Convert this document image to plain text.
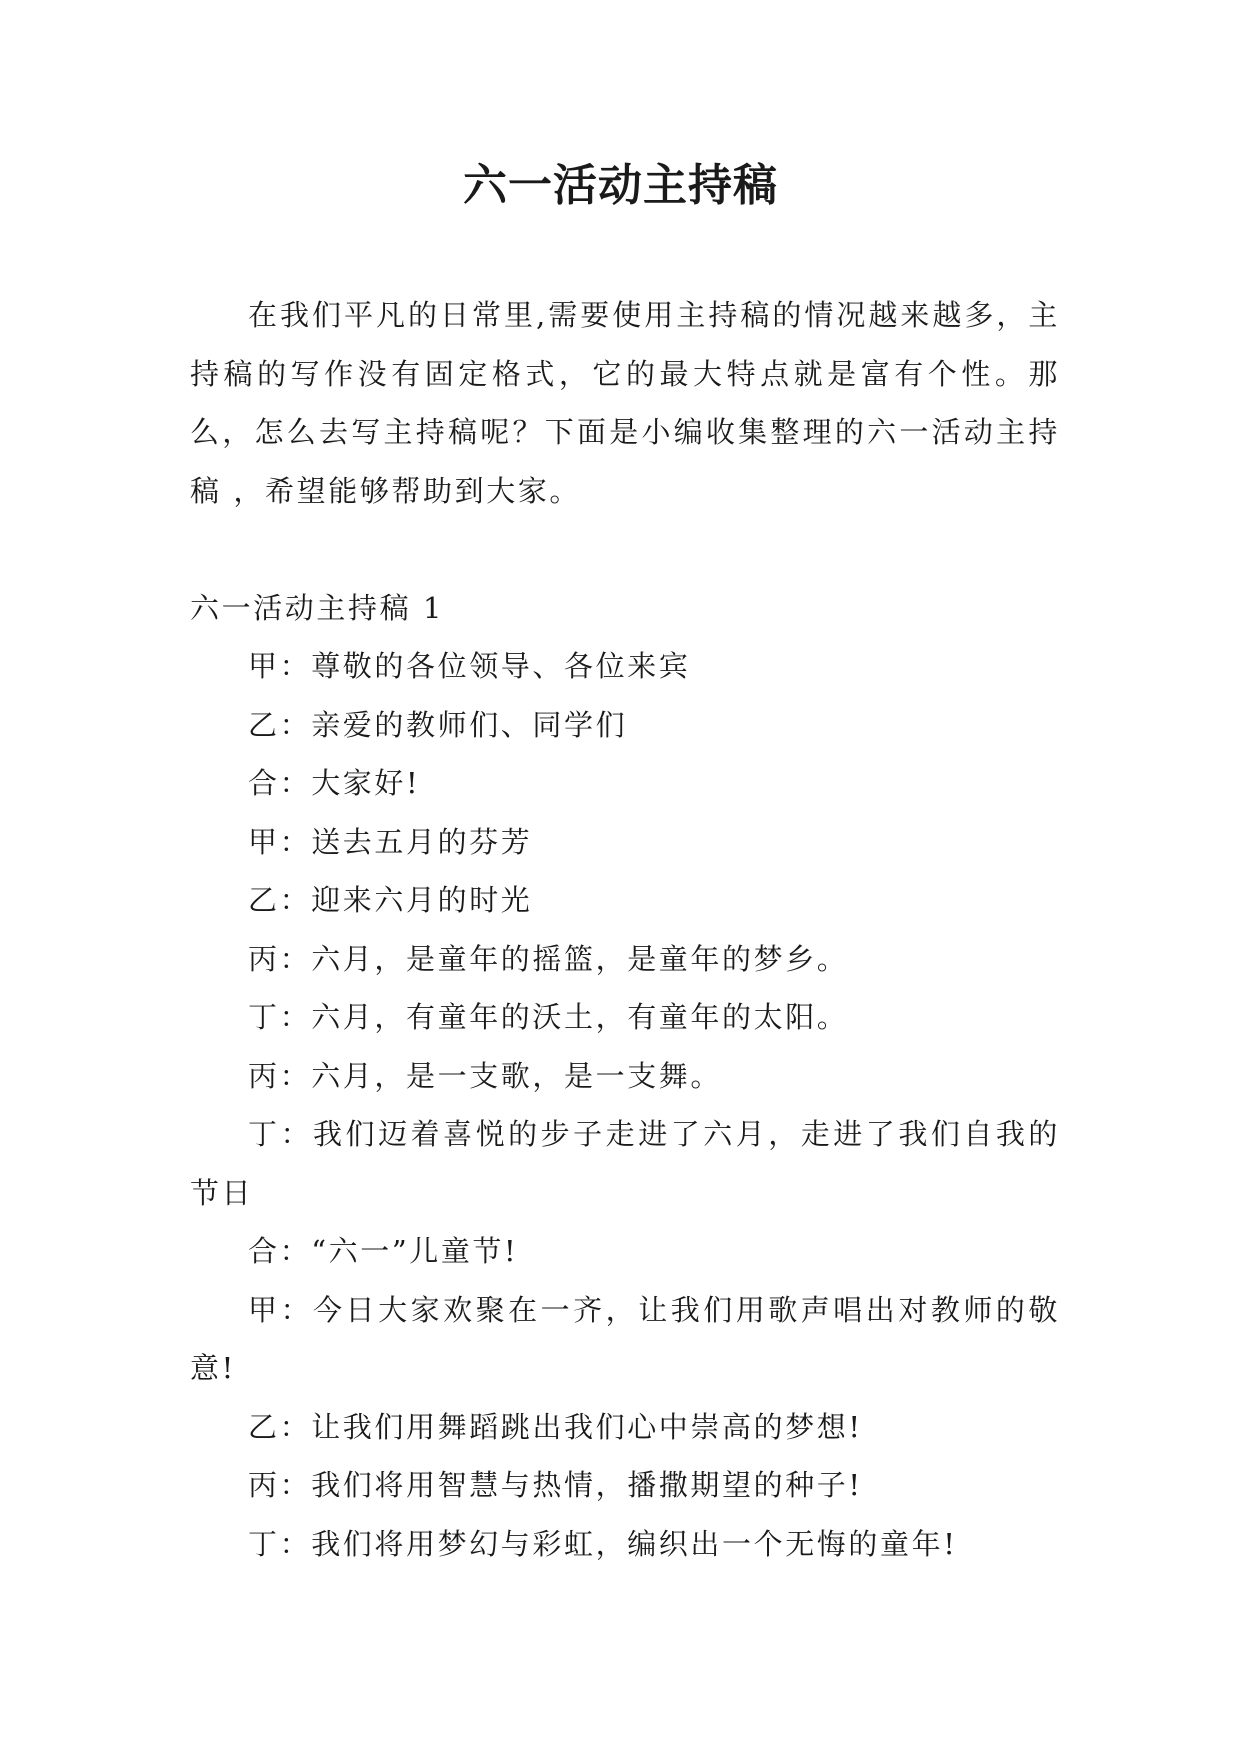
六一活动主持稿

在我们平凡的日常里,需要使用主持稿的情况越来越多，主持稿的写作没有固定格式，它的最大特点就是富有个性。那么，怎么去写主持稿呢？下面是小编收集整理的六一活动主持稿 ，希望能够帮助到大家。

六一活动主持稿 1

甲：尊敬的各位领导、各位来宾

乙：亲爱的教师们、同学们

合：大家好!

甲：送去五月的芬芳

乙：迎来六月的时光

丙：六月，是童年的摇篮，是童年的梦乡。

丁：六月，有童年的沃土，有童年的太阳。

丙：六月，是一支歌，是一支舞。

丁：我们迈着喜悦的步子走进了六月，走进了我们自我的节日

合：“六一”儿童节!

甲：今日大家欢聚在一齐，让我们用歌声唱出对教师的敬意!

乙：让我们用舞蹈跳出我们心中崇高的梦想!

丙：我们将用智慧与热情，播撒期望的种子!

丁：我们将用梦幻与彩虹，编织出一个无悔的童年!
